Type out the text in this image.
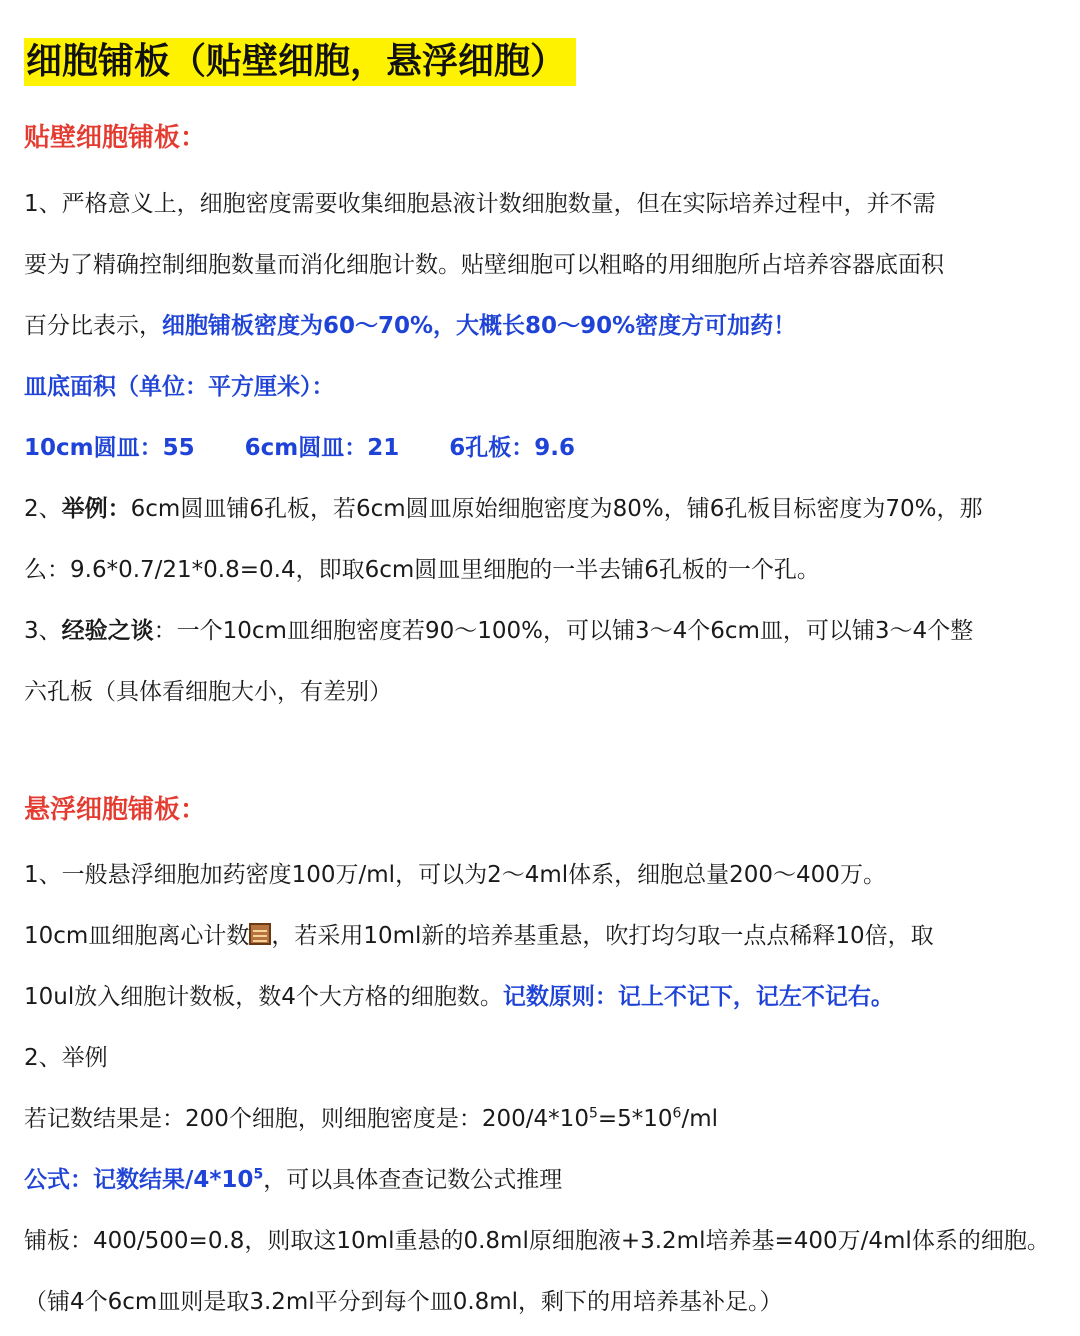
细胞铺板（贴壁细胞，悬浮细胞）
贴壁细胞铺板：
1、严格意义上，细胞密度需要收集细胞悬液计数细胞数量，但在实际培养过程中，并不需
要为了精确控制细胞数量而消化细胞计数。贴壁细胞可以粗略的用细胞所占培养容器底面积
百分比表示，细胞铺板密度为60～70%，大概长80～90%密度方可加药！
皿底面积（单位：平方厘米）：
10cm圆皿：55 6cm圆皿：21 6孔板：9.6
2、举例：6cm圆皿铺6孔板，若6cm圆皿原始细胞密度为80%，铺6孔板目标密度为70%，那
么：9.6*0.7/21*0.8=0.4，即取6cm圆皿里细胞的一半去铺6孔板的一个孔。
3、经验之谈：一个10cm皿细胞密度若90～100%，可以铺3～4个6cm皿，可以铺3～4个整
六孔板（具体看细胞大小，有差别）
悬浮细胞铺板：
1、一般悬浮细胞加药密度100万/ml，可以为2～4ml体系，细胞总量200～400万。
10cm皿细胞离心计数 ，若采用10ml新的培养基重悬，吹打均匀取一点点稀释10倍，取
10ul放入细胞计数板，数4个大方格的细胞数。记数原则：记上不记下，记左不记右。
2、举例
若记数结果是：200个细胞，则细胞密度是：$200/4*10^5=5*10^6/ml$
公式：记数结果$/4*10^5$，可以具体查查记数公式推理
铺板：400/500=0.8，则取这10ml重悬的0.8ml原细胞液+3.2ml培养基=400万/4ml体系的细胞。
（铺4个6cm皿则是取3.2ml平分到每个皿0.8ml，剩下的用培养基补足。）
